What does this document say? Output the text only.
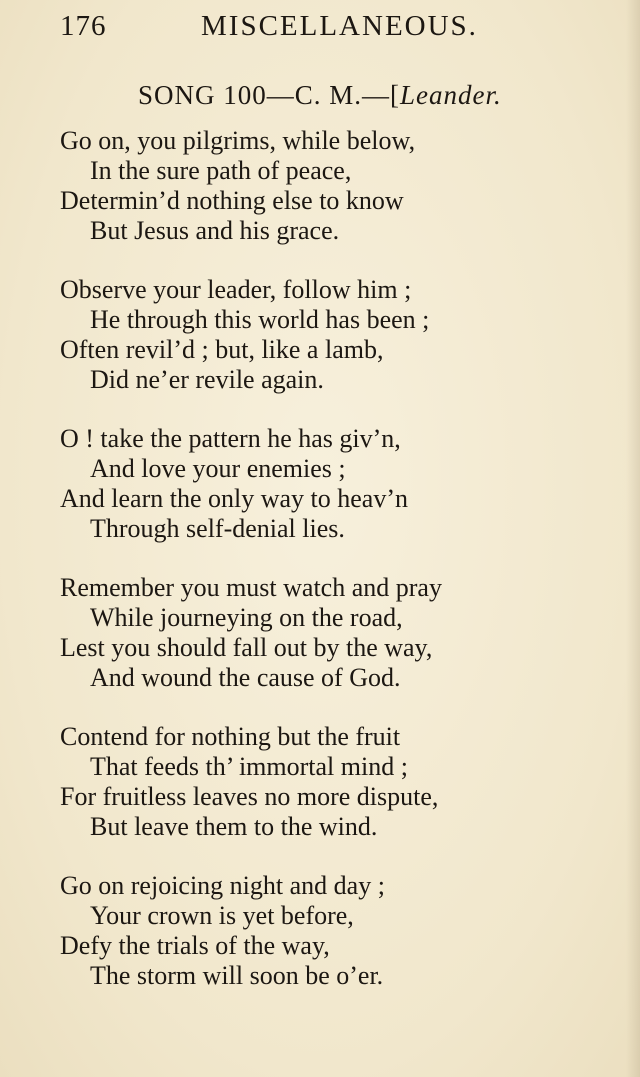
176	MISCELLANEOUS.
SONG 100—C. M.—[Leander.
Go on, you pilgrims, while below,
In the sure path of peace,
Determin’d nothing else to know
But Jesus and his grace.
Observe your leader, follow him ;
He through this world has been ;
Often revil’d ; but, like a lamb,
Did ne’er revile again.
O ! take the pattern he has giv’n,
And love your enemies ;
And learn the only way to heav’n
Through self-denial lies.
Remember you must watch and pray
While journeying on the road,
Lest you should fall out by the way,
And wound the cause of God.
Contend for nothing but the fruit
That feeds th’ immortal mind ;
For fruitless leaves no more dispute,
But leave them to the wind.
Go on rejoicing night and day ;
Your crown is yet before,
Defy the trials of the way,
The storm will soon be o’er.
